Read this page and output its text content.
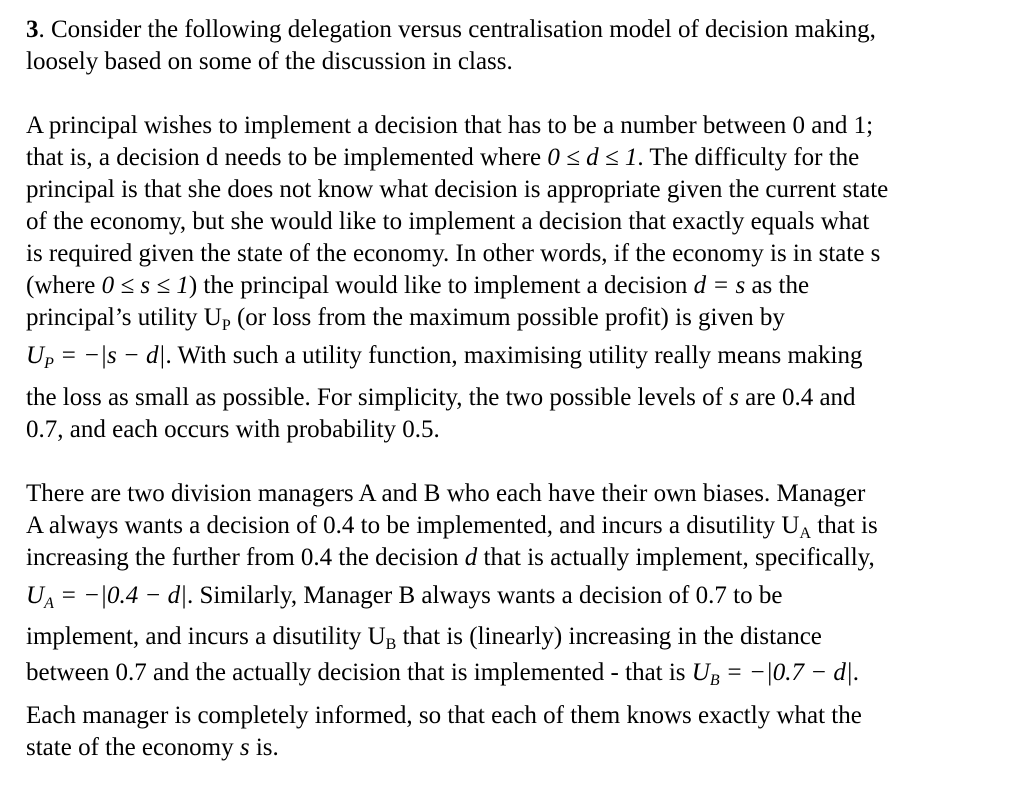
3. Consider the following delegation versus centralisation model of decision making,
loosely based on some of the discussion in class.
A principal wishes to implement a decision that has to be a number between 0 and 1;
that is, a decision d needs to be implemented where 0 ≤ d ≤ 1. The difficulty for the
principal is that she does not know what decision is appropriate given the current state
of the economy, but she would like to implement a decision that exactly equals what
is required given the state of the economy. In other words, if the economy is in state s
(where 0 ≤ s ≤ 1) the principal would like to implement a decision d = s as the
principal’s utility $U_P$ (or loss from the maximum possible profit) is given by
$U_P = -|s - d|$. With such a utility function, maximising utility really means making
the loss as small as possible. For simplicity, the two possible levels of s are 0.4 and
0.7, and each occurs with probability 0.5.
There are two division managers A and B who each have their own biases. Manager
A always wants a decision of 0.4 to be implemented, and incurs a disutility $U_A$ that is
increasing the further from 0.4 the decision d that is actually implement, specifically,
$U_A = -|0.4 - d|$. Similarly, Manager B always wants a decision of 0.7 to be
implement, and incurs a disutility $U_B$ that is (linearly) increasing in the distance
between 0.7 and the actually decision that is implemented - that is $U_B = -|0.7 - d|$.
Each manager is completely informed, so that each of them knows exactly what the
state of the economy s is.
